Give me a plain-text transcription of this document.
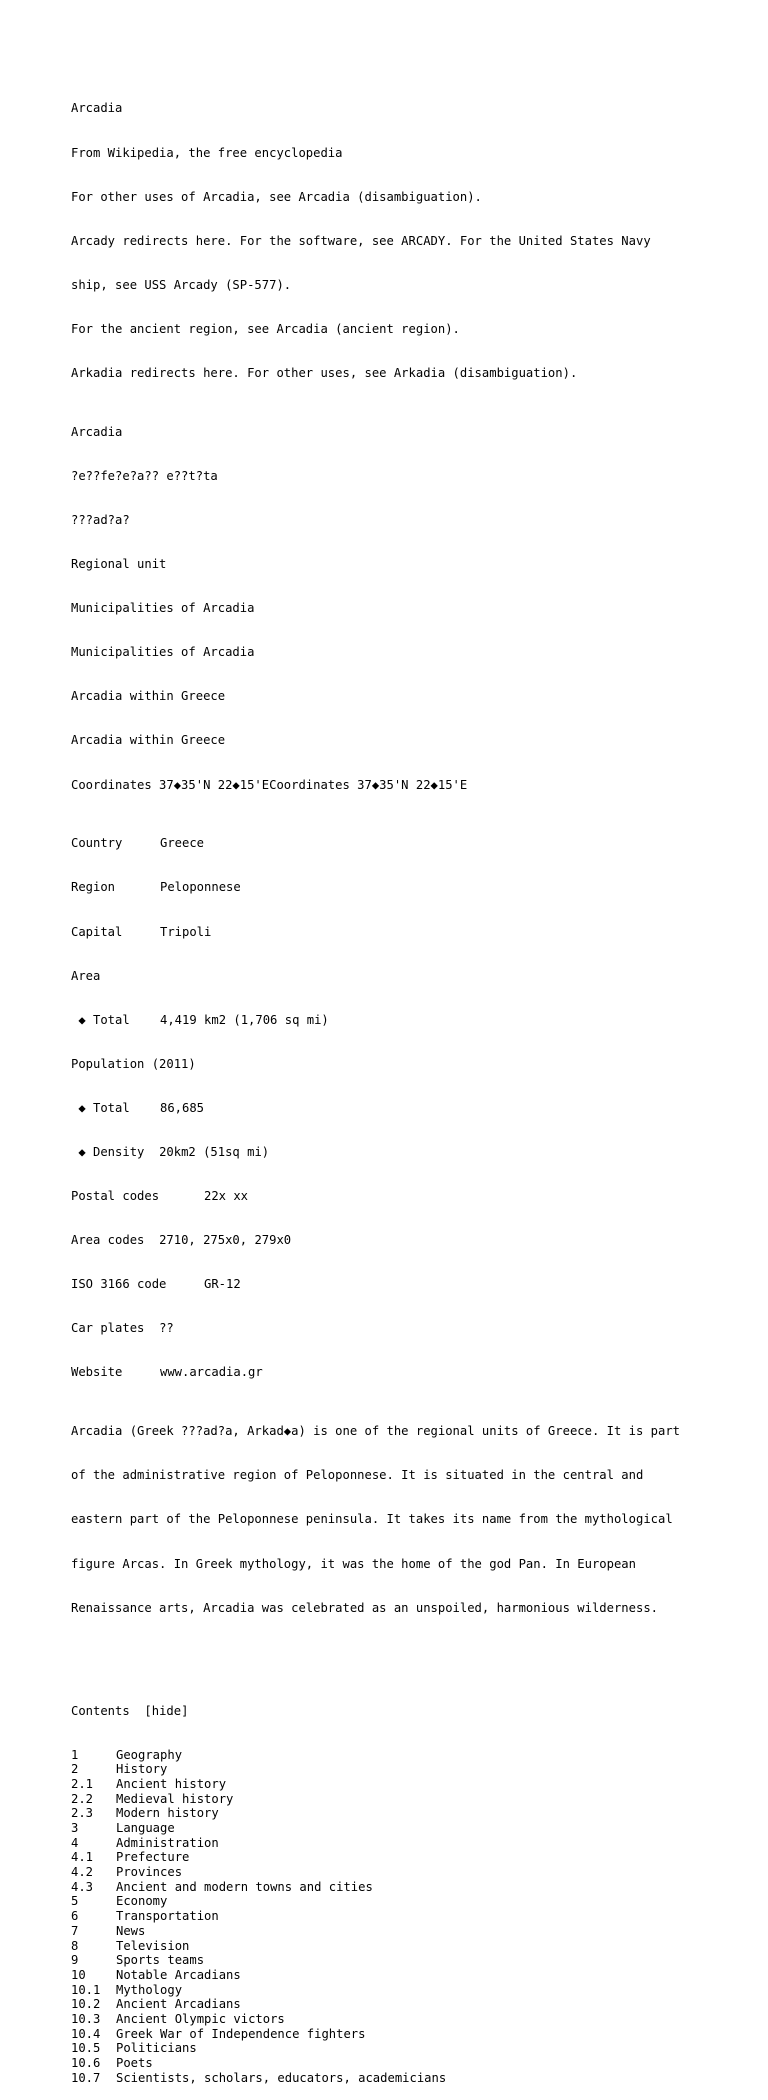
Arcadia

From Wikipedia, the free encyclopedia

For other uses of Arcadia, see Arcadia (disambiguation).

Arcady redirects here. For the software, see ARCADY. For the United States Navy

ship, see USS Arcady (SP-577).

For the ancient region, see Arcadia (ancient region).

Arkadia redirects here. For other uses, see Arkadia (disambiguation).

Arcadia

?e??fe?e?a?? e??t?ta

???ad?a?

Regional unit

Municipalities of Arcadia

Municipalities of Arcadia

Arcadia within Greece

Arcadia within Greece

Coordinates 37◆35'N 22◆15'ECoordinates 37◆35'N 22◆15'E

Country	Greece

Region	Peloponnese

Capital	Tripoli

Area

◆ Total 4,419 km2 (1,706 sq mi)

Population (2011)

◆ Total 86,685

◆ Density 20km2 (51sq mi)

Postal codes	22x xx

Area codes 2710, 275x0, 279x0

ISO 3166 code	GR-12

Car plates ??

Website	www.arcadia.gr

Arcadia (Greek ???ad?a, Arkad◆a) is one of the regional units of Greece. It is part

of the administrative region of Peloponnese. It is situated in the central and

eastern part of the Peloponnese peninsula. It takes its name from the mythological

figure Arcas. In Greek mythology, it was the home of the god Pan. In European

Renaissance arts, Arcadia was celebrated as an unspoiled, harmonious wilderness.

Contents [hide]

1	Geography
2	History
2.1 Ancient history
2.2 Medieval history
2.3 Modern history
3	Language
4	Administration
4.1 Prefecture
4.2 Provinces
4.3 Ancient and modern towns and cities
5	Economy
6	Transportation
7	News
8	Television
9	Sports teams
10 Notable Arcadians
10.1 Mythology
10.2 Ancient Arcadians
10.3 Ancient Olympic victors
10.4 Greek War of Independence fighters
10.5 Politicians
10.6 Poets
10.7 Scientists, scholars, educators, academicians
